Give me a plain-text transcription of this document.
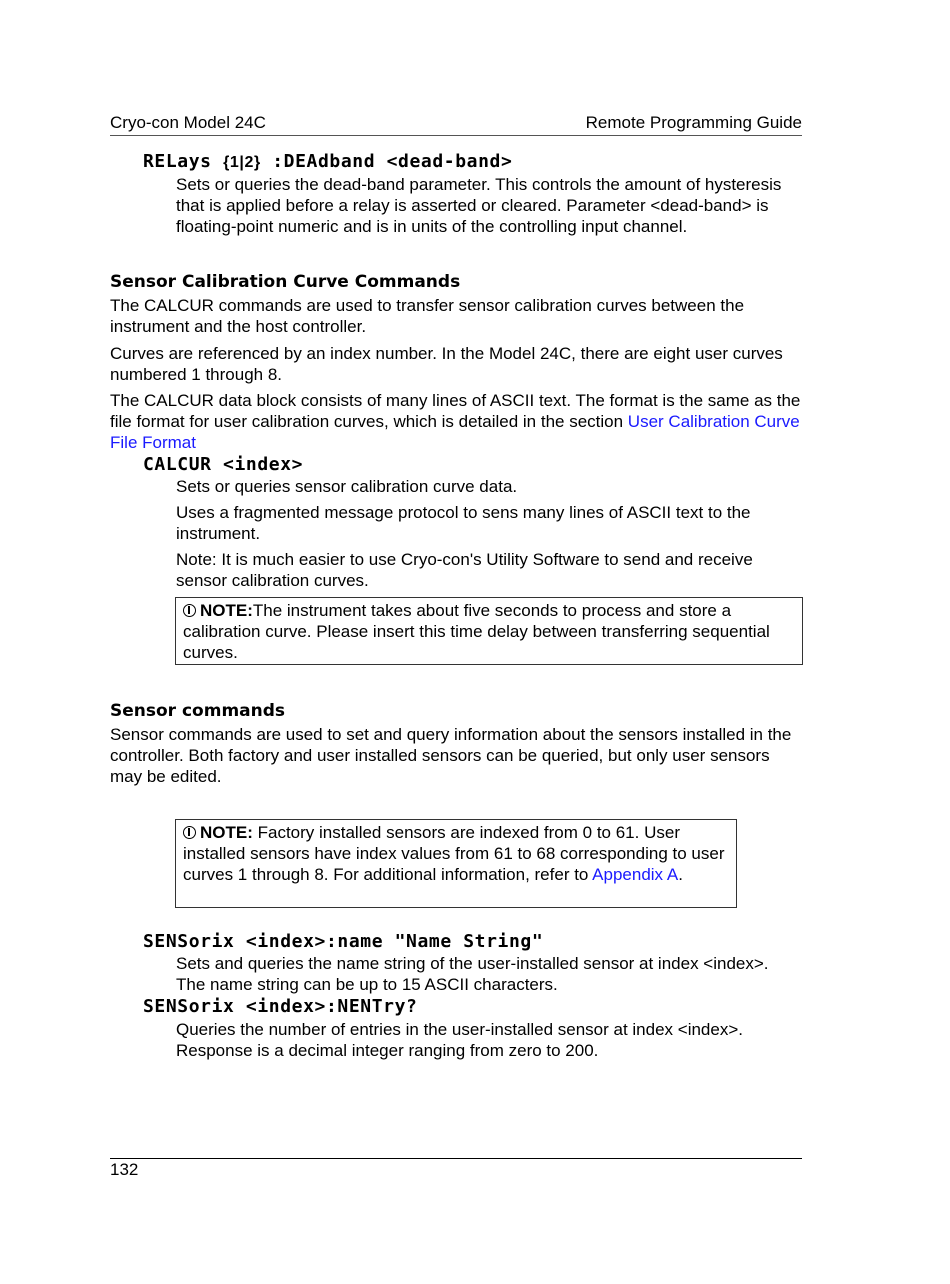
Cryo-con Model 24C	Remote Programming Guide
RELays {1|2} :DEAdband <dead-band>
Sets or queries the dead-band parameter. This controls the amount of hysteresis that is applied before a relay is asserted or cleared. Parameter <dead-band> is floating-point numeric and is in units of the controlling input channel.
Sensor Calibration Curve Commands
The CALCUR commands are used to transfer sensor calibration curves between the instrument and the host controller.
Curves are referenced by an index number. In the Model 24C, there are eight user curves numbered 1 through 8.
The CALCUR data block consists of many lines of ASCII text. The format is the same as the file format for user calibration curves, which is detailed in the section User Calibration Curve File Format
CALCUR <index>
Sets or queries sensor calibration curve data.
Uses a fragmented message protocol to sens many lines of ASCII text to the instrument.
Note: It is much easier to use Cryo-con's Utility Software to send and receive sensor calibration curves.
NOTE:The instrument takes about five seconds to process and store a calibration curve. Please insert this time delay between transferring sequential curves.
Sensor commands
Sensor commands are used to set and query information about the sensors installed in the controller. Both factory and user installed sensors can be queried, but only user sensors may be edited.
NOTE: Factory installed sensors are indexed from 0 to 61. User installed sensors have index values from 61 to 68 corresponding to user curves 1 through 8. For additional information, refer to Appendix A.
SENSorix <index>:name "Name String"
Sets and queries the name string of the user-installed sensor at index <index>. The name string can be up to 15 ASCII characters.
SENSorix <index>:NENTry?
Queries the number of entries in the user-installed sensor at index <index>. Response is a decimal integer ranging from zero to 200.
132
